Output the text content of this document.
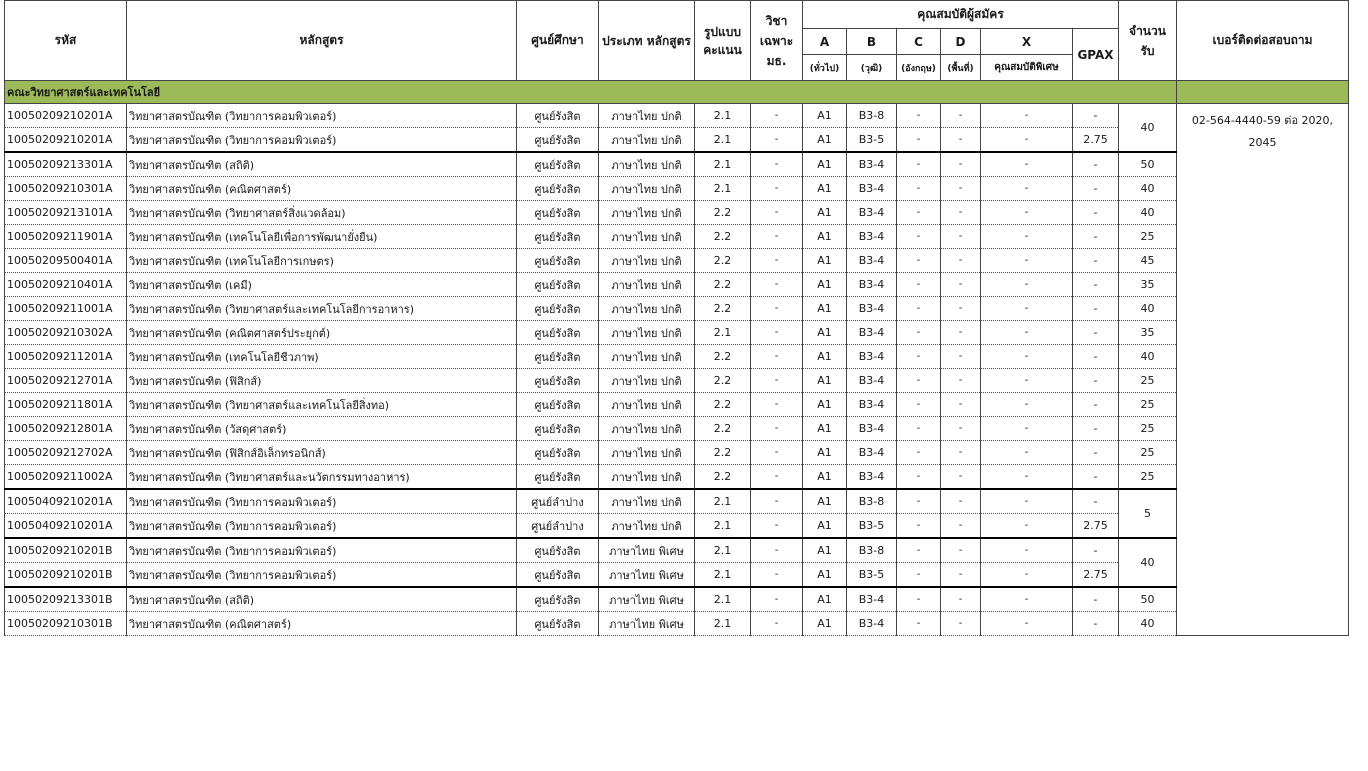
รหัส	หลักสูตร	ศูนย์ศึกษา	ประเภท หลักสูตร	รูปแบบ คะแนน	วิชา เฉพาะ มธ.	คุณสมบัติผู้สมัคร						จำนวน รับ	เบอร์ติดต่อสอบถาม
						A	B	C	D	X	GPAX		
						(ทั่วไป)	(วุฒิ)	(อังกฤษ)	(พื้นที่)	คุณสมบัติพิเศษ			
คณะวิทยาศาสตร์และเทคโนโลยี													
10050209210201A	วิทยาศาสตรบัณฑิต (วิทยาการคอมพิวเตอร์)	ศูนย์รังสิต	ภาษาไทย ปกติ	2.1	-	A1	B3-8	-	-	-	-	40	02-564-4440-59 ต่อ 2020, 2045
10050209210201A	วิทยาศาสตรบัณฑิต (วิทยาการคอมพิวเตอร์)	ศูนย์รังสิต	ภาษาไทย ปกติ	2.1	-	A1	B3-5	-	-	-	2.75		
10050209213301A	วิทยาศาสตรบัณฑิต (สถิติ)	ศูนย์รังสิต	ภาษาไทย ปกติ	2.1	-	A1	B3-4	-	-	-	-	50	
10050209210301A	วิทยาศาสตรบัณฑิต (คณิตศาสตร์)	ศูนย์รังสิต	ภาษาไทย ปกติ	2.1	-	A1	B3-4	-	-	-	-	40	
10050209213101A	วิทยาศาสตรบัณฑิต (วิทยาศาสตร์สิ่งแวดล้อม)	ศูนย์รังสิต	ภาษาไทย ปกติ	2.2	-	A1	B3-4	-	-	-	-	40	
10050209211901A	วิทยาศาสตรบัณฑิต (เทคโนโลยีเพื่อการพัฒนายั่งยืน)	ศูนย์รังสิต	ภาษาไทย ปกติ	2.2	-	A1	B3-4	-	-	-	-	25	
10050209500401A	วิทยาศาสตรบัณฑิต (เทคโนโลยีการเกษตร)	ศูนย์รังสิต	ภาษาไทย ปกติ	2.2	-	A1	B3-4	-	-	-	-	45	
10050209210401A	วิทยาศาสตรบัณฑิต (เคมี)	ศูนย์รังสิต	ภาษาไทย ปกติ	2.2	-	A1	B3-4	-	-	-	-	35	
10050209211001A	วิทยาศาสตรบัณฑิต (วิทยาศาสตร์และเทคโนโลยีการอาหาร)	ศูนย์รังสิต	ภาษาไทย ปกติ	2.2	-	A1	B3-4	-	-	-	-	40	
10050209210302A	วิทยาศาสตรบัณฑิต (คณิตศาสตร์ประยุกต์)	ศูนย์รังสิต	ภาษาไทย ปกติ	2.1	-	A1	B3-4	-	-	-	-	35	
10050209211201A	วิทยาศาสตรบัณฑิต (เทคโนโลยีชีวภาพ)	ศูนย์รังสิต	ภาษาไทย ปกติ	2.2	-	A1	B3-4	-	-	-	-	40	
10050209212701A	วิทยาศาสตรบัณฑิต (ฟิสิกส์)	ศูนย์รังสิต	ภาษาไทย ปกติ	2.2	-	A1	B3-4	-	-	-	-	25	
10050209211801A	วิทยาศาสตรบัณฑิต (วิทยาศาสตร์และเทคโนโลยีสิ่งทอ)	ศูนย์รังสิต	ภาษาไทย ปกติ	2.2	-	A1	B3-4	-	-	-	-	25	
10050209212801A	วิทยาศาสตรบัณฑิต (วัสดุศาสตร์)	ศูนย์รังสิต	ภาษาไทย ปกติ	2.2	-	A1	B3-4	-	-	-	-	25	
10050209212702A	วิทยาศาสตรบัณฑิต (ฟิสิกส์อิเล็กทรอนิกส์)	ศูนย์รังสิต	ภาษาไทย ปกติ	2.2	-	A1	B3-4	-	-	-	-	25	
10050209211002A	วิทยาศาสตรบัณฑิต (วิทยาศาสตร์และนวัตกรรมทางอาหาร)	ศูนย์รังสิต	ภาษาไทย ปกติ	2.2	-	A1	B3-4	-	-	-	-	25	
10050409210201A	วิทยาศาสตรบัณฑิต (วิทยาการคอมพิวเตอร์)	ศูนย์ลำปาง	ภาษาไทย ปกติ	2.1	-	A1	B3-8	-	-	-	-	5	
10050409210201A	วิทยาศาสตรบัณฑิต (วิทยาการคอมพิวเตอร์)	ศูนย์ลำปาง	ภาษาไทย ปกติ	2.1	-	A1	B3-5	-	-	-	2.75		
10050209210201B	วิทยาศาสตรบัณฑิต (วิทยาการคอมพิวเตอร์)	ศูนย์รังสิต	ภาษาไทย พิเศษ	2.1	-	A1	B3-8	-	-	-	-	40	
10050209210201B	วิทยาศาสตรบัณฑิต (วิทยาการคอมพิวเตอร์)	ศูนย์รังสิต	ภาษาไทย พิเศษ	2.1	-	A1	B3-5	-	-	-	2.75		
10050209213301B	วิทยาศาสตรบัณฑิต (สถิติ)	ศูนย์รังสิต	ภาษาไทย พิเศษ	2.1	-	A1	B3-4	-	-	-	-	50	
10050209210301B	วิทยาศาสตรบัณฑิต (คณิตศาสตร์)	ศูนย์รังสิต	ภาษาไทย พิเศษ	2.1	-	A1	B3-4	-	-	-	-	40	
